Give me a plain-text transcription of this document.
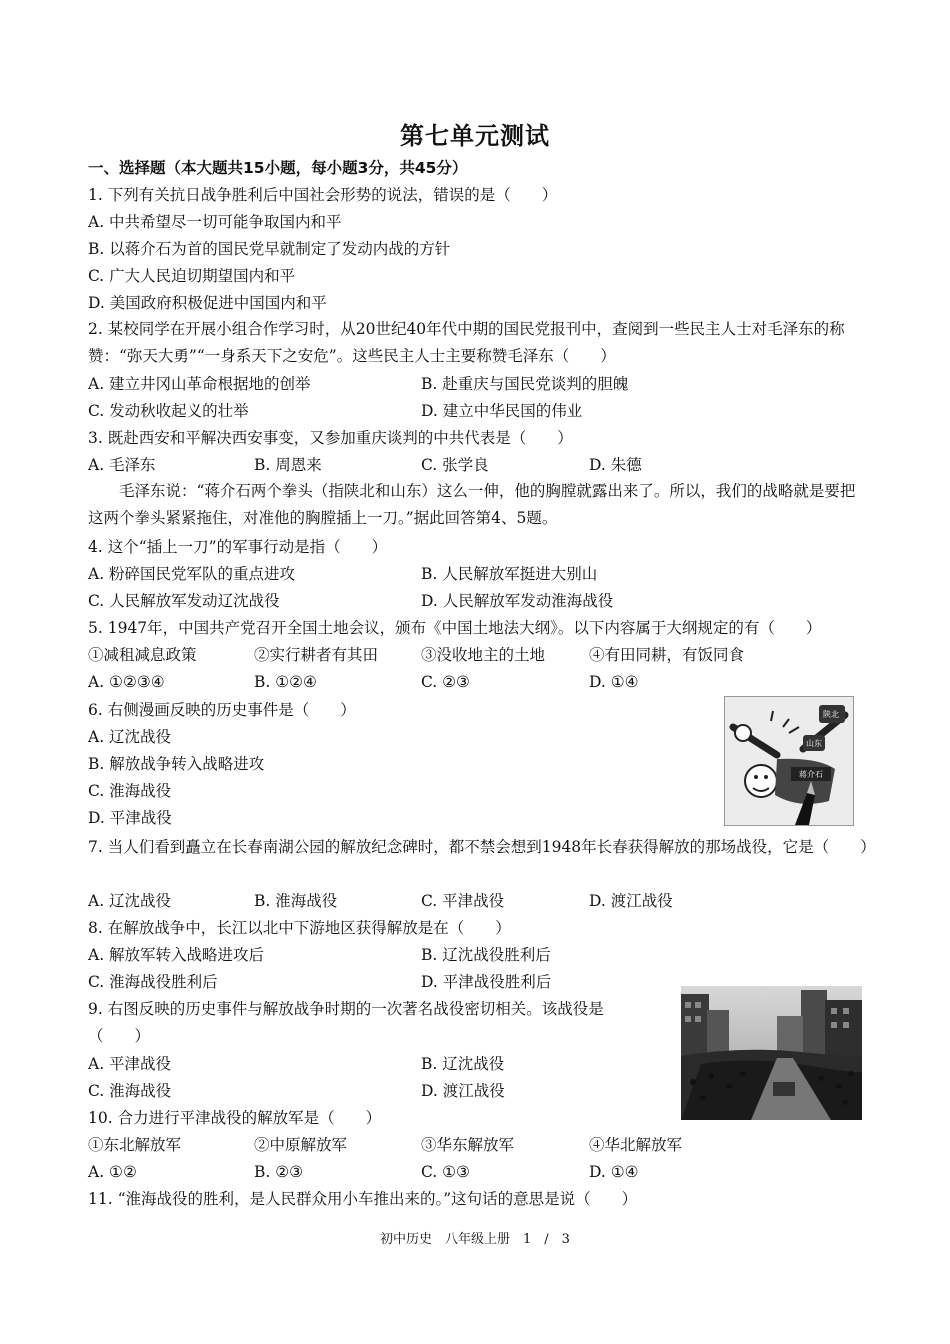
第七单元测试
一、选择题（本大题共15小题，每小题3分，共45分）
1. 下列有关抗日战争胜利后中国社会形势的说法，错误的是（　　）
A. 中共希望尽一切可能争取国内和平
B. 以蒋介石为首的国民党早就制定了发动内战的方针
C. 广大人民迫切期望国内和平
D. 美国政府积极促进中国国内和平
2. 某校同学在开展小组合作学习时，从20世纪40年代中期的国民党报刊中，查阅到一些民主人士对毛泽东的称赞：“弥天大勇”“一身系天下之安危”。这些民主人士主要称赞毛泽东（　　）
A. 建立井冈山革命根据地的创举	B. 赴重庆与国民党谈判的胆魄
C. 发动秋收起义的壮举	D. 建立中华民国的伟业
3. 既赴西安和平解决西安事变，又参加重庆谈判的中共代表是（　　）
A. 毛泽东	B. 周恩来	C. 张学良	D. 朱德
毛泽东说：“蒋介石两个拳头（指陕北和山东）这么一伸，他的胸膛就露出来了。所以，我们的战略就是要把这两个拳头紧紧拖住，对准他的胸膛插上一刀。”据此回答第4、5题。
4. 这个“插上一刀”的军事行动是指（　　）
A. 粉碎国民党军队的重点进攻	B. 人民解放军挺进大别山
C. 人民解放军发动辽沈战役	D. 人民解放军发动淮海战役
5. 1947年，中国共产党召开全国土地会议，颁布《中国土地法大纲》。以下内容属于大纲规定的有（　　）
①减租减息政策	②实行耕者有其田	③没收地主的土地	④有田同耕，有饭同食
A. ①②③④	B. ①②④	C. ②③	D. ①④
6. 右侧漫画反映的历史事件是（　　）
A. 辽沈战役
B. 解放战争转入战略进攻
C. 淮海战役
D. 平津战役
陕北
山东
蒋介石
7. 当人们看到矗立在长春南湖公园的解放纪念碑时，都不禁会想到1948年长春获得解放的那场战役，它是（　　）
A. 辽沈战役	B. 淮海战役	C. 平津战役	D. 渡江战役
8. 在解放战争中，长江以北中下游地区获得解放是在（　　）
A. 解放军转入战略进攻后	B. 辽沈战役胜利后
C. 淮海战役胜利后	D. 平津战役胜利后
9. 右图反映的历史事件与解放战争时期的一次著名战役密切相关。该战役是
（　　）
A. 平津战役	B. 辽沈战役
C. 淮海战役	D. 渡江战役
10. 合力进行平津战役的解放军是（　　）
①东北解放军	②中原解放军	③华东解放军	④华北解放军
A. ①②	B. ②③	C. ①③	D. ①④
11. “淮海战役的胜利，是人民群众用小车推出来的。”这句话的意思是说（　　）
初中历史　八年级上册　1　/　3
